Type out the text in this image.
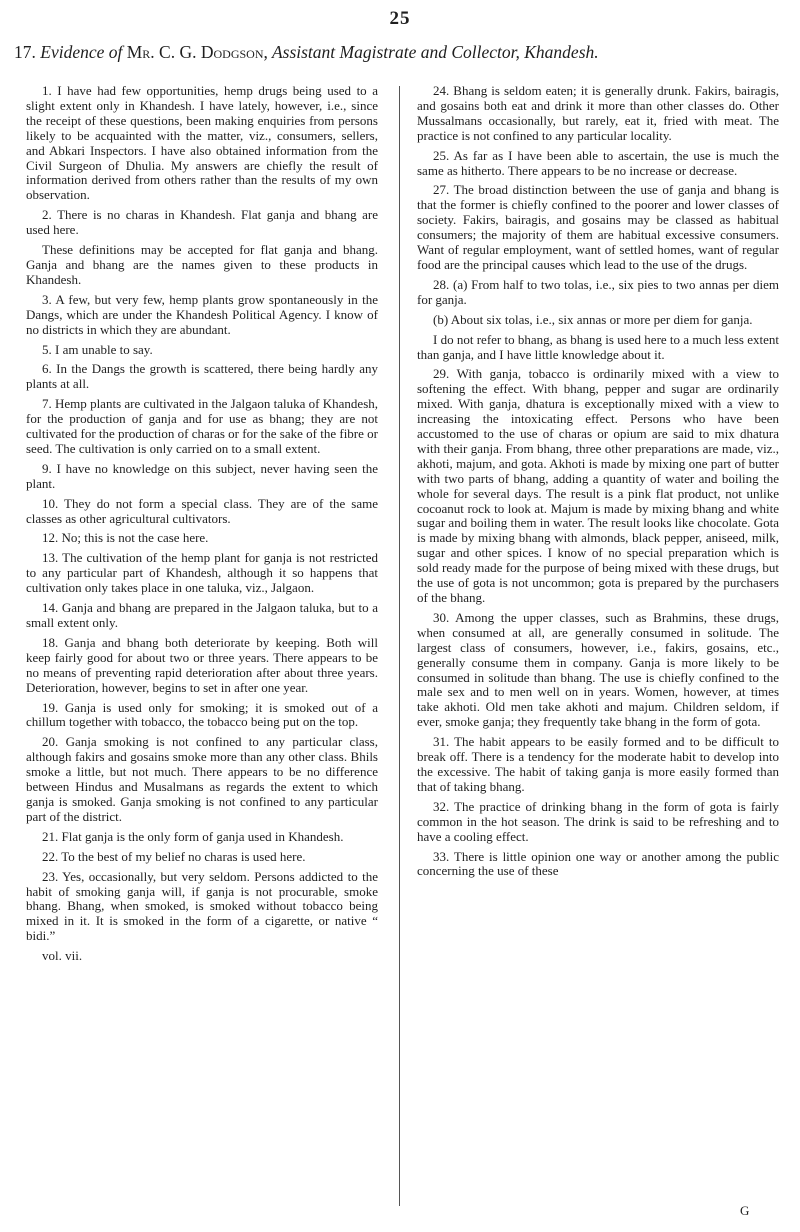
25
17. Evidence of Mr. C. G. Dodgson, Assistant Magistrate and Collector, Khandesh.

1. I have had few opportunities, hemp drugs being used to a slight extent only in Khandesh. I have lately, however, i.e., since the receipt of these questions, been making enquiries from persons likely to be acquainted with the matter, viz., consumers, sellers, and Abkari Inspectors. I have also obtained information from the Civil Surgeon of Dhulia. My answers are chiefly the result of information derived from others rather than the results of my own observation.

2. There is no charas in Khandesh. Flat ganja and bhang are used here.

These definitions may be accepted for flat ganja and bhang. Ganja and bhang are the names given to these products in Khandesh.

3. A few, but very few, hemp plants grow spontaneously in the Dangs, which are under the Khandesh Political Agency. I know of no districts in which they are abundant.

5. I am unable to say.

6. In the Dangs the growth is scattered, there being hardly any plants at all.

7. Hemp plants are cultivated in the Jalgaon taluka of Khandesh, for the production of ganja and for use as bhang; they are not cultivated for the production of charas or for the sake of the fibre or seed. The cultivation is only carried on to a small extent.

9. I have no knowledge on this subject, never having seen the plant.

10. They do not form a special class. They are of the same classes as other agricultural cultivators.

12. No; this is not the case here.

13. The cultivation of the hemp plant for ganja is not restricted to any particular part of Khandesh, although it so happens that cultivation only takes place in one taluka, viz., Jalgaon.

14. Ganja and bhang are prepared in the Jalgaon taluka, but to a small extent only.

18. Ganja and bhang both deteriorate by keeping. Both will keep fairly good for about two or three years. There appears to be no means of preventing rapid deterioration after about three years. Deterioration, however, begins to set in after one year.

19. Ganja is used only for smoking; it is smoked out of a chillum together with tobacco, the tobacco being put on the top.

20. Ganja smoking is not confined to any particular class, although fakirs and gosains smoke more than any other class. Bhils smoke a little, but not much. There appears to be no difference between Hindus and Musalmans as regards the extent to which ganja is smoked. Ganja smoking is not confined to any particular part of the district.

21. Flat ganja is the only form of ganja used in Khandesh.

22. To the best of my belief no charas is used here.

23. Yes, occasionally, but very seldom. Persons addicted to the habit of smoking ganja will, if ganja is not procurable, smoke bhang. Bhang, when smoked, is smoked without tobacco being mixed in it. It is smoked in the form of a cigarette, or native “ bidi.”

vol. vii.

24. Bhang is seldom eaten; it is generally drunk. Fakirs, bairagis, and gosains both eat and drink it more than other classes do. Other Mussalmans occasionally, but rarely, eat it, fried with meat. The practice is not confined to any particular locality.

25. As far as I have been able to ascertain, the use is much the same as hitherto. There appears to be no increase or decrease.

27. The broad distinction between the use of ganja and bhang is that the former is chiefly confined to the poorer and lower classes of society. Fakirs, bairagis, and gosains may be classed as habitual consumers; the majority of them are habitual excessive consumers. Want of regular employment, want of settled homes, want of regular food are the principal causes which lead to the use of the drugs.

28. (a) From half to two tolas, i.e., six pies to two annas per diem for ganja.

(b) About six tolas, i.e., six annas or more per diem for ganja.

I do not refer to bhang, as bhang is used here to a much less extent than ganja, and I have little knowledge about it.

29. With ganja, tobacco is ordinarily mixed with a view to softening the effect. With bhang, pepper and sugar are ordinarily mixed. With ganja, dhatura is exceptionally mixed with a view to increasing the intoxicating effect. Persons who have been accustomed to the use of charas or opium are said to mix dhatura with their ganja. From bhang, three other preparations are made, viz., akhoti, majum, and gota. Akhoti is made by mixing one part of butter with two parts of bhang, adding a quantity of water and boiling the whole for several days. The result is a pink flat product, not unlike cocoanut rock to look at. Majum is made by mixing bhang and white sugar and boiling them in water. The result looks like chocolate. Gota is made by mixing bhang with almonds, black pepper, aniseed, milk, sugar and other spices. I know of no special preparation which is sold ready made for the purpose of being mixed with these drugs, but the use of gota is not uncommon; gota is prepared by the purchasers of the bhang.

30. Among the upper classes, such as Brahmins, these drugs, when consumed at all, are generally consumed in solitude. The largest class of consumers, however, i.e., fakirs, gosains, etc., generally consume them in company. Ganja is more likely to be consumed in solitude than bhang. The use is chiefly confined to the male sex and to men well on in years. Women, however, at times take akhoti. Old men take akhoti and majum. Children seldom, if ever, smoke ganja; they frequently take bhang in the form of gota.

31. The habit appears to be easily formed and to be difficult to break off. There is a tendency for the moderate habit to develop into the excessive. The habit of taking ganja is more easily formed than that of taking bhang.

32. The practice of drinking bhang in the form of gota is fairly common in the hot season. The drink is said to be refreshing and to have a cooling effect.

33. There is little opinion one way or another among the public concerning the use of these

G
